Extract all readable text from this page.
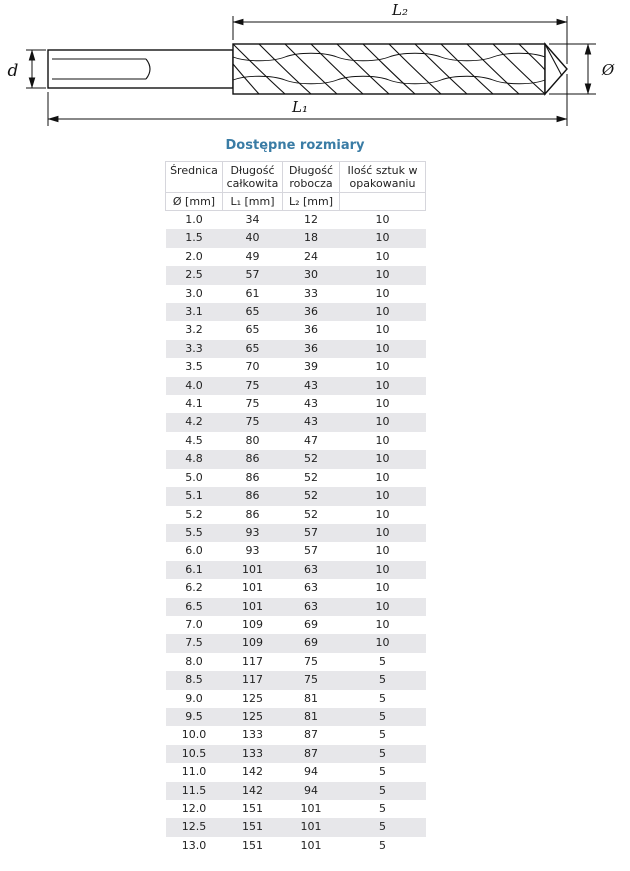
L₂
L₁
d	Ø
Dostępne rozmiary
Średnica	Długość całkowita	Długość robocza	Ilość sztuk w opakowaniu
Ø [mm]	L₁ [mm]	L₂ [mm]	
1.0	34	12	10
1.5	40	18	10
2.0	49	24	10
2.5	57	30	10
3.0	61	33	10
3.1	65	36	10
3.2	65	36	10
3.3	65	36	10
3.5	70	39	10
4.0	75	43	10
4.1	75	43	10
4.2	75	43	10
4.5	80	47	10
4.8	86	52	10
5.0	86	52	10
5.1	86	52	10
5.2	86	52	10
5.5	93	57	10
6.0	93	57	10
6.1	101	63	10
6.2	101	63	10
6.5	101	63	10
7.0	109	69	10
7.5	109	69	10
8.0	117	75	5
8.5	117	75	5
9.0	125	81	5
9.5	125	81	5
10.0	133	87	5
10.5	133	87	5
11.0	142	94	5
11.5	142	94	5
12.0	151	101	5
12.5	151	101	5
13.0	151	101	5
